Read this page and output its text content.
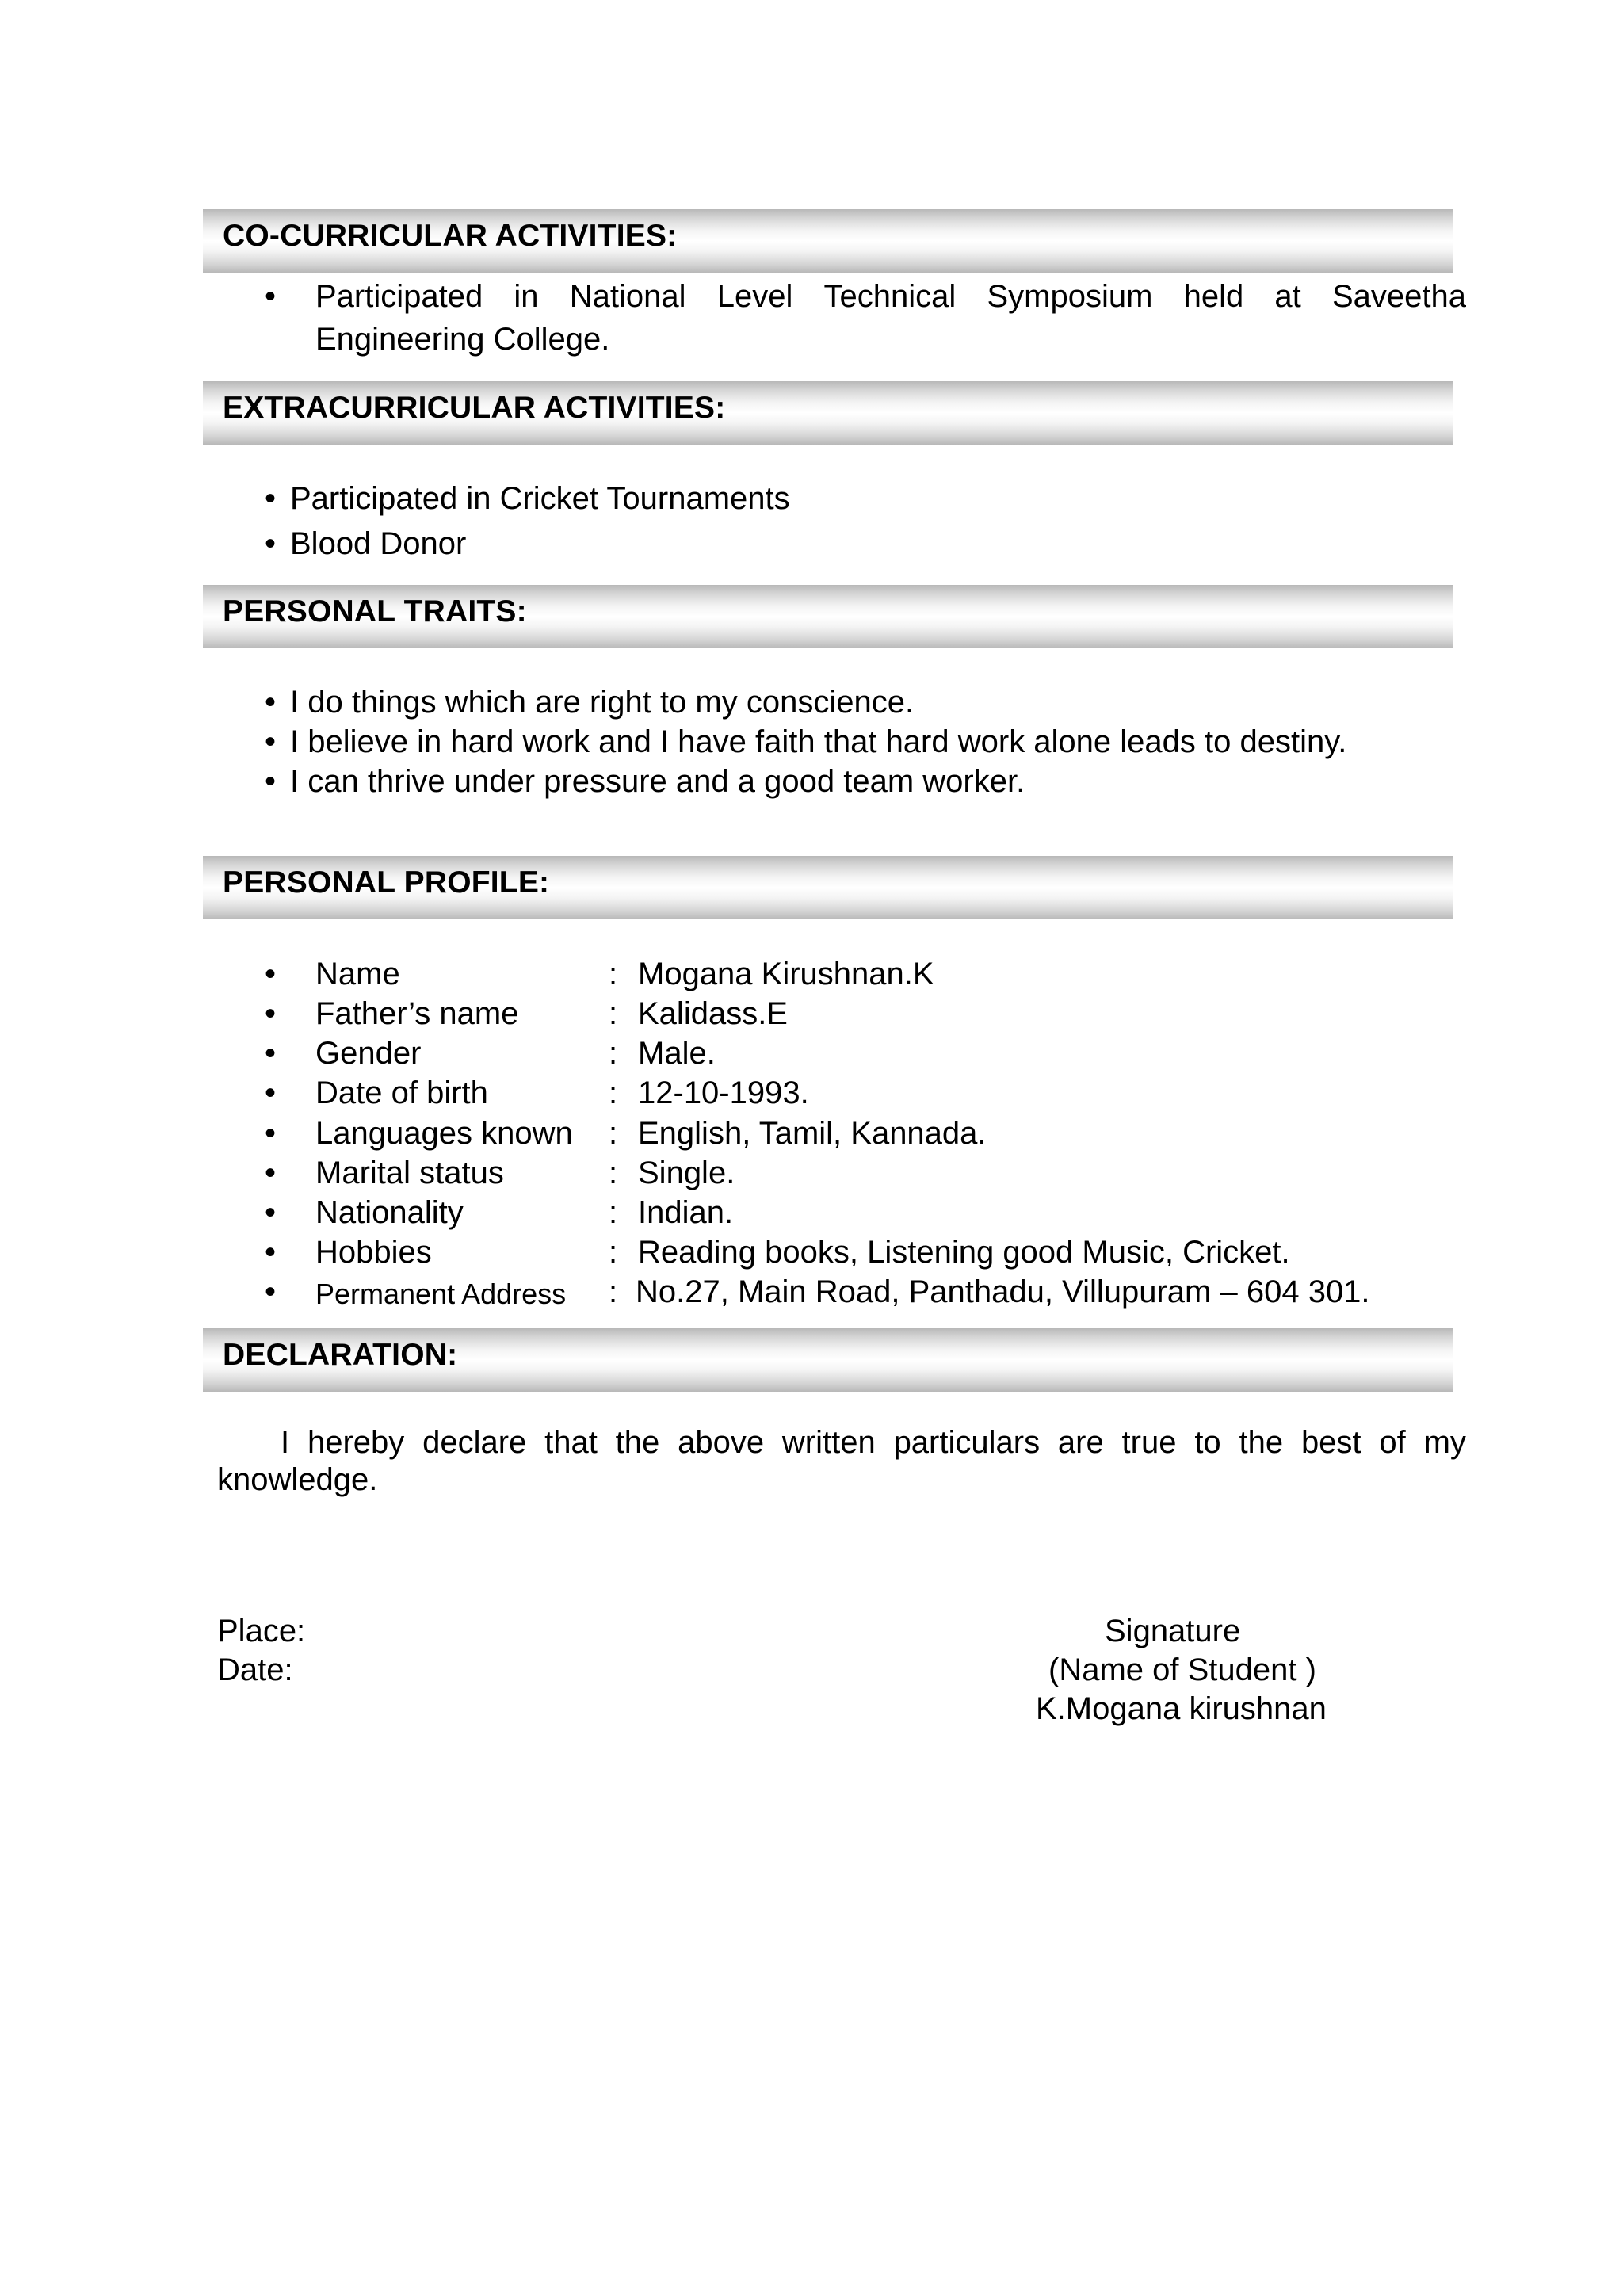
CO-CURRICULAR ACTIVITIES:
• Participated in National Level Technical Symposium held at Saveetha
Engineering College.
EXTRACURRICULAR ACTIVITIES:
• Participated in Cricket Tournaments
• Blood Donor
PERSONAL TRAITS:
• I do things which are right to my conscience.
• I believe in hard work and I have faith that hard work alone leads to destiny.
• I can thrive under pressure and a good team worker.
PERSONAL PROFILE:
• Name	: Mogana Kirushnan.K
• Father’s name	: Kalidass.E
• Gender	: Male.
• Date of birth	: 12-10-1993.
• Languages known : English, Tamil, Kannada.
• Marital status	: Single.
• Nationality	: Indian.
• Hobbies	: Reading books, Listening good Music, Cricket.
• Permanent Address : No.27, Main Road, Panthadu, Villupuram – 604 301.
DECLARATION:
I hereby declare that the above written particulars are true to the best of my
knowledge.
Place:
Date:
Signature
(Name of Student )
K.Mogana kirushnan
